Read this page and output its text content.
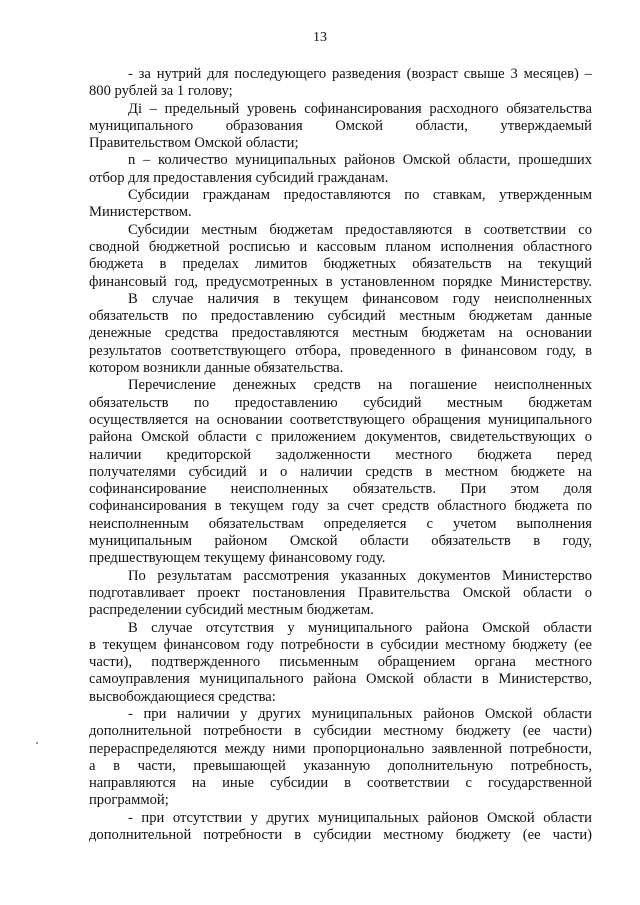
13
- за нутрий для последующего разведения (возраст свыше 3 месяцев) –
800 рублей за 1 голову;
Дi – предельный уровень софинансирования расходного обязательства
муниципального образования Омской области, утверждаемый
Правительством Омской области;
n – количество муниципальных районов Омской области, прошедших
отбор для предоставления субсидий гражданам.
Субсидии гражданам предоставляются по ставкам, утвержденным
Министерством.
Субсидии местным бюджетам предоставляются в соответствии со
сводной бюджетной росписью и кассовым планом исполнения областного
бюджета в пределах лимитов бюджетных обязательств на текущий
финансовый год, предусмотренных в установленном порядке Министерству.
В случае наличия в текущем финансовом году неисполненных
обязательств по предоставлению субсидий местным бюджетам данные
денежные средства предоставляются местным бюджетам на основании
результатов соответствующего отбора, проведенного в финансовом году, в
котором возникли данные обязательства.
Перечисление денежных средств на погашение неисполненных
обязательств по предоставлению субсидий местным бюджетам
осуществляется на основании соответствующего обращения муниципального
района Омской области с приложением документов, свидетельствующих о
наличии кредиторской задолженности местного бюджета перед
получателями субсидий и о наличии средств в местном бюджете на
софинансирование неисполненных обязательств. При этом доля
софинансирования в текущем году за счет средств областного бюджета по
неисполненным обязательствам определяется с учетом выполнения
муниципальным районом Омской области обязательств в году,
предшествующем текущему финансовому году.
По результатам рассмотрения указанных документов Министерство
подготавливает проект постановления Правительства Омской области о
распределении субсидий местным бюджетам.
В случае отсутствия у муниципального района Омской области
в текущем финансовом году потребности в субсидии местному бюджету (ее
части), подтвержденного письменным обращением органа местного
самоуправления муниципального района Омской области в Министерство,
высвобождающиеся средства:
- при наличии у других муниципальных районов Омской области
дополнительной потребности в субсидии местному бюджету (ее части)
перераспределяются между ними пропорционально заявленной потребности,
а в части, превышающей указанную дополнительную потребность,
направляются на иные субсидии в соответствии с государственной
программой;
- при отсутствии у других муниципальных районов Омской области
дополнительной потребности в субсидии местному бюджету (ее части)
